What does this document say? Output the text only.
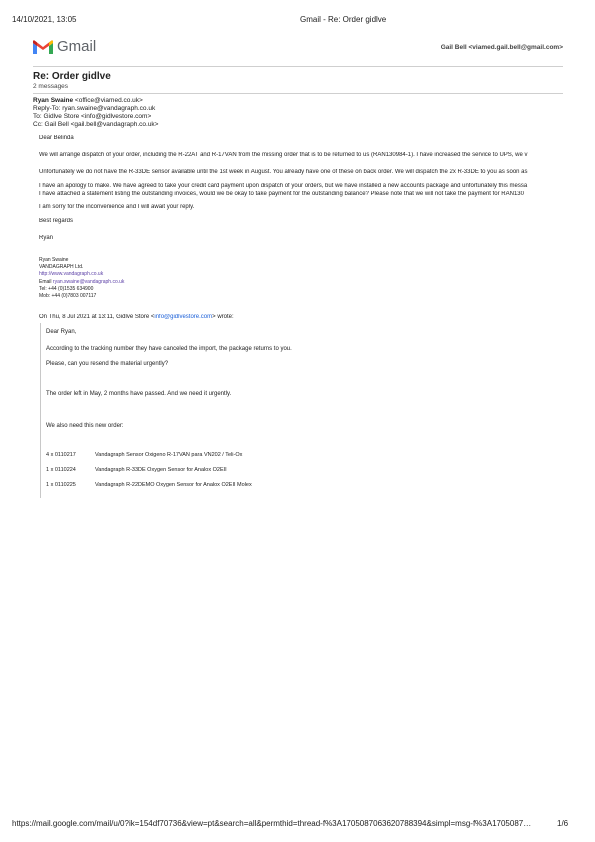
14/10/2021, 13:05	Gmail - Re: Order gidlve
Gmail	Gail Bell <viamed.gail.bell@gmail.com>
Re: Order gidlve
2 messages
Ryan Swaine <office@viamed.co.uk>
Reply-To: ryan.swaine@vandagraph.co.uk
To: Gidlve Store <info@gidlvestore.com>
Cc: Gail Bell <gail.bell@vandagraph.co.uk>
Dear Belinda
We will arrange dispatch of your order, including the R-22AT and R-17VAN from the missing order that is to be returned to us (RAN130984-1). I have increased the service to UPS, we v
Unfortunately we do not have the R-33DE sensor available until the 1st week in August. You already have one of these on back order. We will dispatch the 2x R-33DE to you as soon as
I have an apology to make. We have agreed to take your credit card payment upon dispatch of your orders, but we have installed a new accounts package and unfortunately this messa
I have attached a statement listing the outstanding invoices, would we be okay to take payment for the outstanding balance? Please note that we will not take the payment for RAN130
I am sorry for the inconvenience and I will await your reply.
Best regards
Ryan
Ryan Swaine
VANDAGRAPH Ltd.
http://www.vandagraph.co.uk
Email ryan.swaine@vandagraph.co.uk
Tel: +44 (0)1535 634900
Mob: +44 (0)7803 007117
On Thu, 8 Jul 2021 at 13:11, Gidlve Store <info@gidlvestore.com> wrote:
Dear Ryan,
According to the tracking number they have canceled the import, the package returns to you.
Please, can you resend the material urgently?
The order left in May, 2 months have passed. And we need it urgently.
We also need this new order:
4 x 0110217	Vandagraph Sensor Oxigeno R-17VAN para VN202 / Teli-Ox
1 x 0110224	Vandagraph R-33DE Oxygen Sensor for Analox O2EII
1 x 0110225	Vandagraph R-22DEMO Oxygen Sensor for Analox O2EII Molex
https://mail.google.com/mail/u/0?ik=154df70736&view=pt&search=all&permthid=thread-f%3A1705087063620788394&simpl=msg-f%3A1705087…	1/6
